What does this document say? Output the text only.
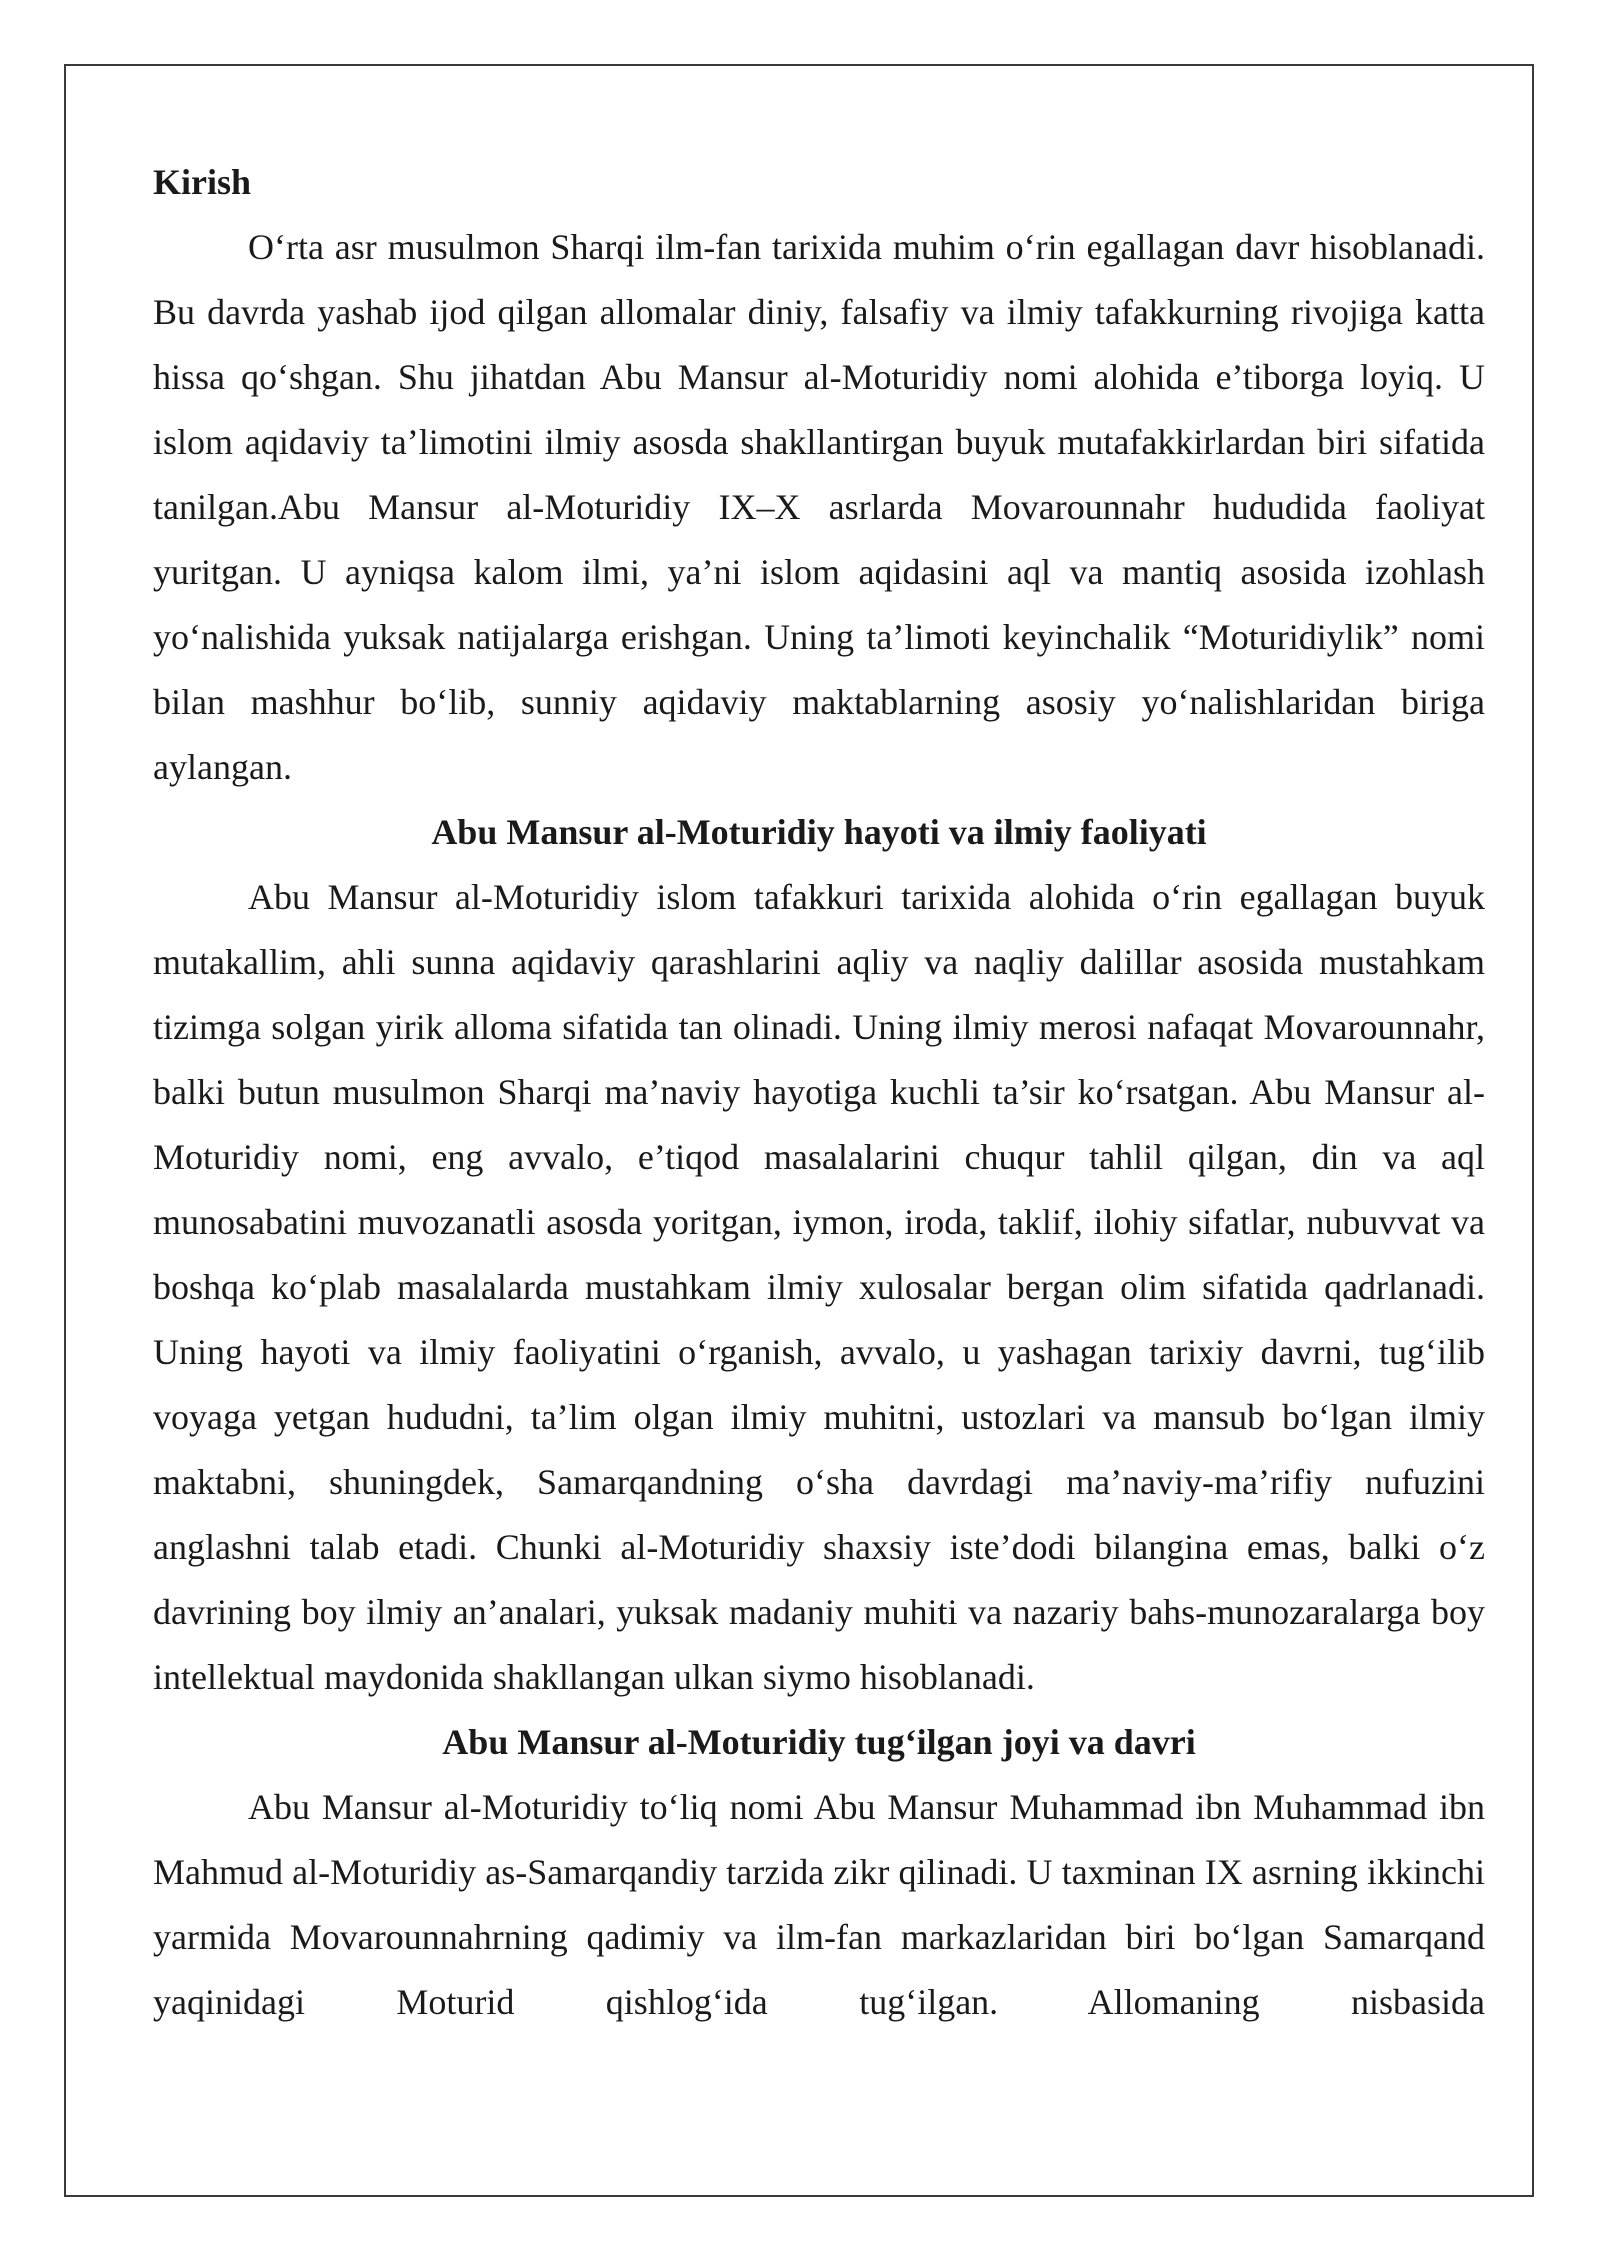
Kirish

O‘rta asr musulmon Sharqi ilm-fan tarixida muhim o‘rin egallagan davr hisoblanadi. Bu davrda yashab ijod qilgan allomalar diniy, falsafiy va ilmiy tafakkurning rivojiga katta hissa qo‘shgan. Shu jihatdan Abu Mansur al-Moturidiy nomi alohida e’tiborga loyiq. U islom aqidaviy ta’limotini ilmiy asosda shakllantirgan buyuk mutafakkirlardan biri sifatida tanilgan.Abu Mansur al-Moturidiy IX–X asrlarda Movarounnahr hududida faoliyat yuritgan. U ayniqsa kalom ilmi, ya’ni islom aqidasini aql va mantiq asosida izohlash yo‘nalishida yuksak natijalarga erishgan. Uning ta’limoti keyinchalik “Moturidiylik” nomi bilan mashhur bo‘lib, sunniy aqidaviy maktablarning asosiy yo‘nalishlaridan biriga aylangan.

Abu Mansur al-Moturidiy hayoti va ilmiy faoliyati

Abu Mansur al-Moturidiy islom tafakkuri tarixida alohida o‘rin egallagan buyuk mutakallim, ahli sunna aqidaviy qarashlarini aqliy va naqliy dalillar asosida mustahkam tizimga solgan yirik alloma sifatida tan olinadi. Uning ilmiy merosi nafaqat Movarounnahr, balki butun musulmon Sharqi ma’naviy hayotiga kuchli ta’sir ko‘rsatgan. Abu Mansur al-Moturidiy nomi, eng avvalo, e’tiqod masalalarini chuqur tahlil qilgan, din va aql munosabatini muvozanatli asosda yoritgan, iymon, iroda, taklif, ilohiy sifatlar, nubuvvat va boshqa ko‘plab masalalarda mustahkam ilmiy xulosalar bergan olim sifatida qadrlanadi. Uning hayoti va ilmiy faoliyatini o‘rganish, avvalo, u yashagan tarixiy davrni, tug‘ilib voyaga yetgan hududni, ta’lim olgan ilmiy muhitni, ustozlari va mansub bo‘lgan ilmiy maktabni, shuningdek, Samarqandning o‘sha davrdagi ma’naviy-ma’rifiy nufuzini anglashni talab etadi. Chunki al-Moturidiy shaxsiy iste’dodi bilangina emas, balki o‘z davrining boy ilmiy an’analari, yuksak madaniy muhiti va nazariy bahs-munozaralarga boy intellektual maydonida shakllangan ulkan siymo hisoblanadi.

Abu Mansur al-Moturidiy tug‘ilgan joyi va davri

Abu Mansur al-Moturidiy to‘liq nomi Abu Mansur Muhammad ibn Muhammad ibn Mahmud al-Moturidiy as-Samarqandiy tarzida zikr qilinadi. U taxminan IX asrning ikkinchi yarmida Movarounnahrning qadimiy va ilm-fan markazlaridan biri bo‘lgan Samarqand yaqinidagi Moturid qishlog‘ida tug‘ilgan. Allomaning nisbasida
